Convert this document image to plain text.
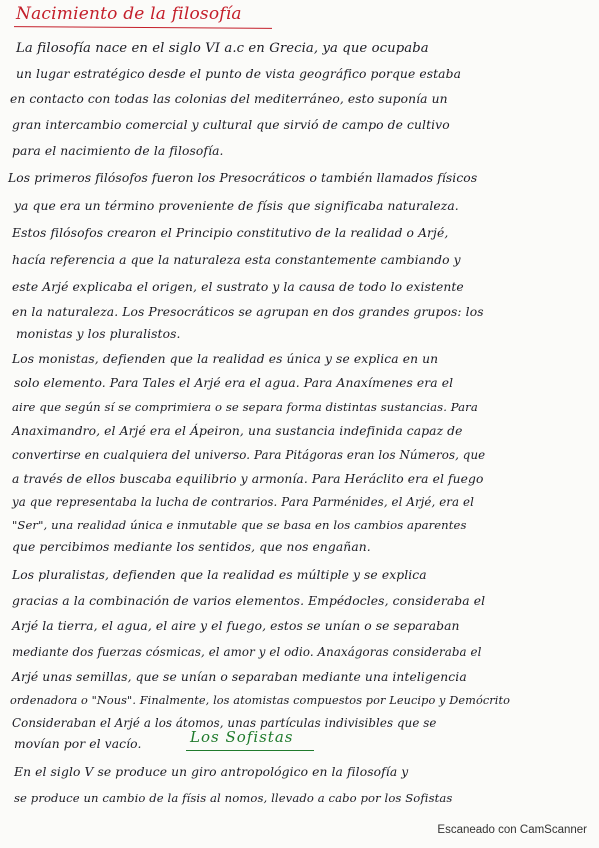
Nacimiento de la filosofía
La filosofía nace en el siglo VI a.c en Grecia, ya que ocupaba
un lugar estratégico desde el punto de vista geográfico porque estaba
en contacto con todas las colonias del mediterráneo, esto suponía un
gran intercambio comercial y cultural que sirvió de campo de cultivo
para el nacimiento de la filosofía.
Los primeros filósofos fueron los Presocráticos o también llamados físicos
ya que era un término proveniente de físis que significaba naturaleza.
Estos filósofos crearon el Principio constitutivo de la realidad o Arjé,
hacía referencia a que la naturaleza esta constantemente cambiando y
este Arjé explicaba el origen, el sustrato y la causa de todo lo existente
en la naturaleza. Los Presocráticos se agrupan en dos grandes grupos: los
monistas y los pluralistos.
Los monistas, defienden que la realidad es única y se explica en un
solo elemento. Para Tales el Arjé era el agua. Para Anaxímenes era el
aire que según sí se comprimiera o se separa forma distintas sustancias. Para
Anaximandro, el Arjé era el Ápeiron, una sustancia indefinida capaz de
convertirse en cualquiera del universo. Para Pitágoras eran los Números, que
a través de ellos buscaba equilibrio y armonía. Para Heráclito era el fuego
ya que representaba la lucha de contrarios. Para Parménides, el Arjé, era el
"Ser", una realidad única e inmutable que se basa en los cambios aparentes
que percibimos mediante los sentidos, que nos engañan.
Los pluralistas, defienden que la realidad es múltiple y se explica
gracias a la combinación de varios elementos. Empédocles, consideraba el
Arjé la tierra, el agua, el aire y el fuego, estos se unían o se separaban
mediante dos fuerzas cósmicas, el amor y el odio. Anaxágoras consideraba el
Arjé unas semillas, que se unían o separaban mediante una inteligencia
ordenadora o "Nous". Finalmente, los atomistas compuestos por Leucipo y Demócrito
Consideraban el Arjé a los átomos, unas partículas indivisibles que se
movían por el vacío.	Los Sofistas
En el siglo V se produce un giro antropológico en la filosofía y
se produce un cambio de la físis al nomos, llevado a cabo por los Sofistas
Escaneado con CamScanner
